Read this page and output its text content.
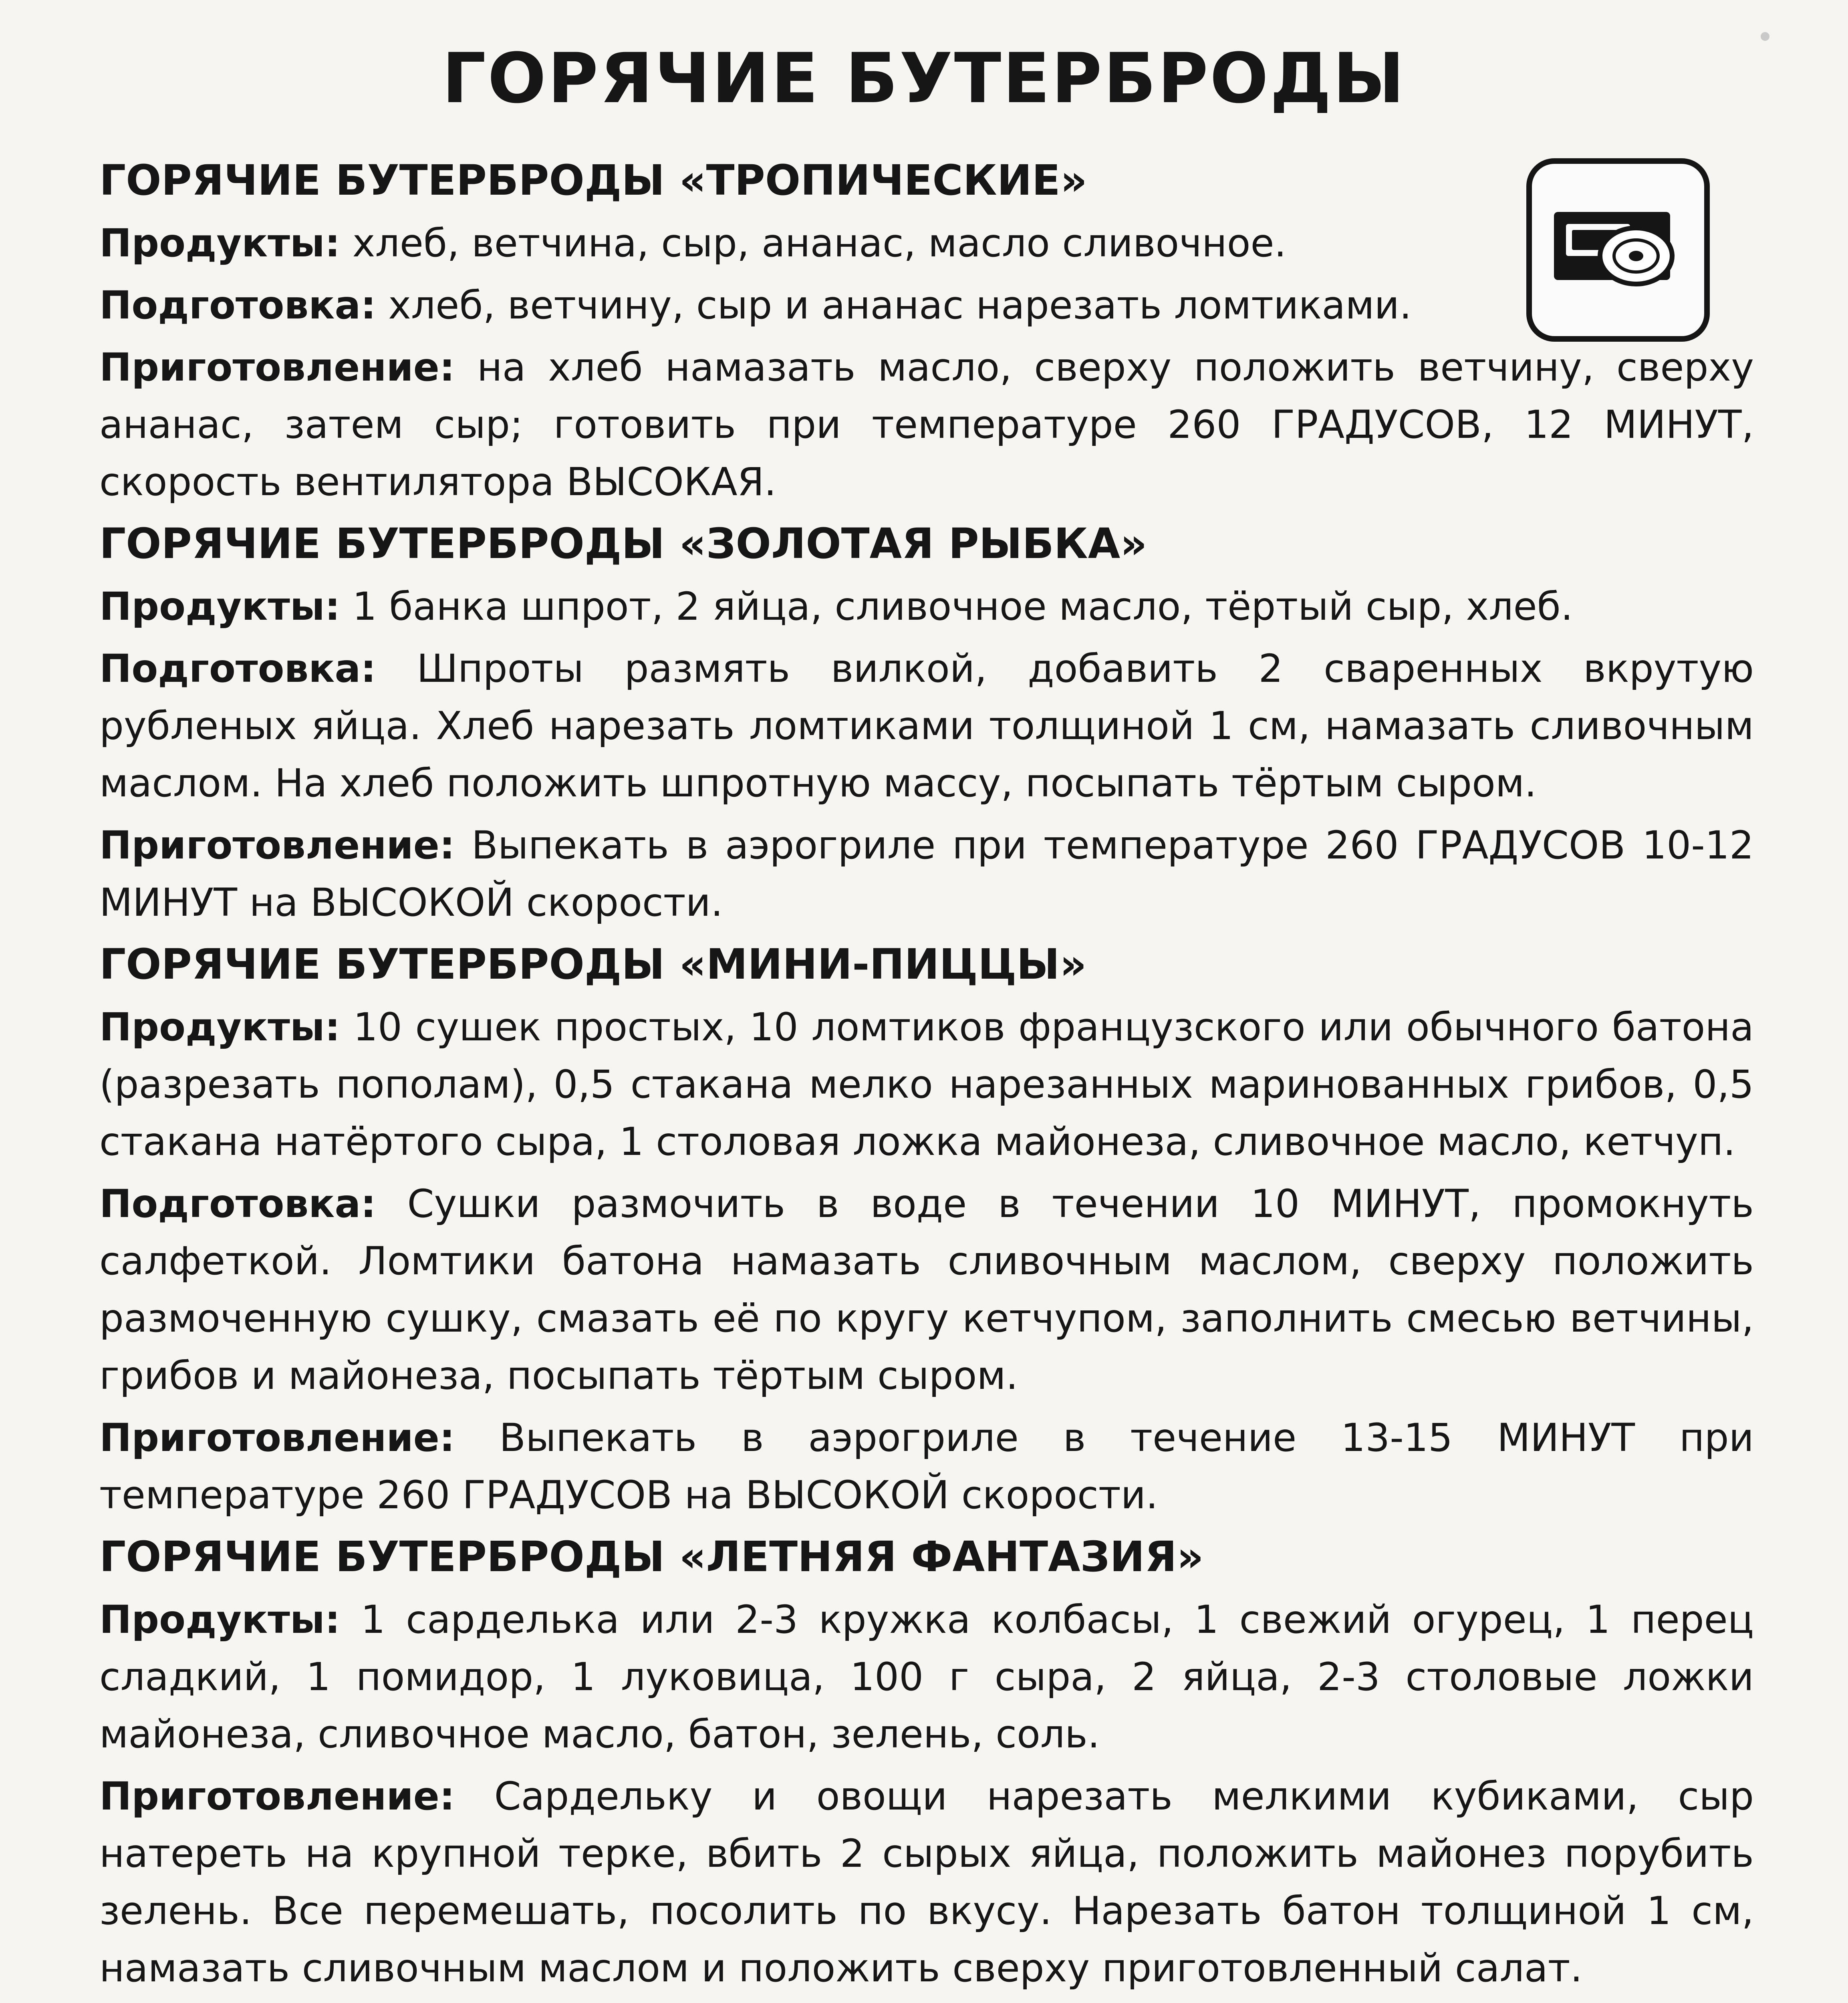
ГОРЯЧИЕ БУТЕРБРОДЫ
ГОРЯЧИЕ БУТЕРБРОДЫ «ТРОПИЧЕСКИЕ»

Продукты: хлеб, ветчина, сыр, ананас, масло сливочное.

Подготовка: хлеб, ветчину, сыр и ананас нарезать ломтиками.

Приготовление: на хлеб намазать масло, сверху положить ветчину, сверху ананас, затем сыр; готовить при температуре 260 ГРАДУСОВ, 12 МИНУТ, скорость вентилятора ВЫСОКАЯ.

ГОРЯЧИЕ БУТЕРБРОДЫ «ЗОЛОТАЯ РЫБКА»

Продукты: 1 банка шпрот, 2 яйца, сливочное масло, тёртый сыр, хлеб.

Подготовка: Шпроты размять вилкой, добавить 2 сваренных вкрутую рубленых яйца. Хлеб нарезать ломтиками толщиной 1 см, намазать сливочным маслом. На хлеб положить шпротную массу, посыпать тёртым сыром.

Приготовление: Выпекать в аэрогриле при температуре 260 ГРАДУСОВ 10-12 МИНУТ на ВЫСОКОЙ скорости.

ГОРЯЧИЕ БУТЕРБРОДЫ «МИНИ-ПИЦЦЫ»

Продукты: 10 сушек простых, 10 ломтиков французского или обычного батона (разрезать пополам), 0,5 стакана мелко нарезанных маринованных грибов, 0,5 стакана натёртого сыра, 1 столовая ложка майонеза, сливочное масло, кетчуп.

Подготовка: Сушки размочить в воде в течении 10 МИНУТ, промокнуть салфеткой. Ломтики батона намазать сливочным маслом, сверху положить размоченную сушку, смазать её по кругу кетчупом, заполнить смесью ветчины, грибов и майонеза, посыпать тёртым сыром.

Приготовление: Выпекать в аэрогриле в течение 13-15 МИНУТ при температуре 260 ГРАДУСОВ на ВЫСОКОЙ скорости.

ГОРЯЧИЕ БУТЕРБРОДЫ «ЛЕТНЯЯ ФАНТАЗИЯ»

Продукты: 1 сарделька или 2-3 кружка колбасы, 1 свежий огурец, 1 перец сладкий, 1 помидор, 1 луковица, 100 г сыра, 2 яйца, 2-3 столовые ложки майонеза, сливочное масло, батон, зелень, соль.

Приготовление: Сардельку и овощи нарезать мелкими кубиками, сыр натереть на крупной терке, вбить 2 сырых яйца, положить майонез порубить зелень. Все перемешать, посолить по вкусу. Нарезать батон толщиной 1 см, намазать сливочным маслом и положить сверху приготовленный салат.
